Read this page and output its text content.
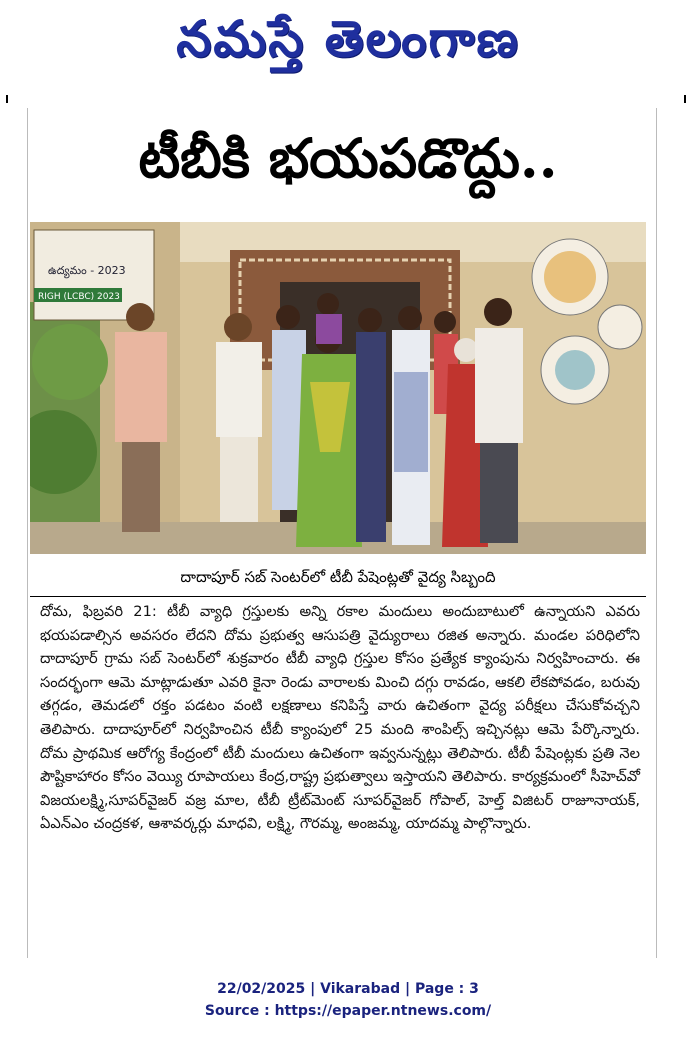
నమస్తే తెలంగాణ
టీబీకి భయపడొద్దు..
ఉద్యమం - 2023
RIGH (LCBC) 2023
దాదాపూర్ సబ్ సెంటర్‌లో టీబీ పేషెంట్లతో వైద్య సిబ్బంది

దోమ, ఫిబ్రవరి 21: టీబీ వ్యాధి గ్రస్తులకు అన్ని రకాల మందులు అందుబాటులో ఉన్నాయని ఎవరు భయపడాల్సిన అవసరం లేదని దోమ ప్రభుత్వ ఆసుపత్రి వైద్యురాలు రజిత అన్నారు. మండల పరిధిలోని దాదాపూర్ గ్రామ సబ్ సెంటర్‌లో శుక్రవారం టీబీ వ్యాధి గ్రస్తుల కోసం ప్రత్యేక క్యాంపును నిర్వహించారు. ఈ సందర్భంగా ఆమె మాట్లాడుతూ ఎవరి కైనా రెండు వారాలకు మించి దగ్గు రావడం, ఆకలి లేకపోవడం, బరువు తగ్గడం, తెమడలో రక్తం పడటం వంటి లక్షణాలు కనిపిస్తే వారు ఉచితంగా వైద్య పరీక్షలు చేసుకోవచ్చని తెలిపారు. దాదాపూర్‌లో నిర్వహించిన టీబీ క్యాంపులో 25 మంది శాంపిల్స్ ఇచ్చినట్లు ఆమె పేర్కొన్నారు. దోమ ప్రాథమిక ఆరోగ్య కేంద్రంలో టీబీ మందులు ఉచితంగా ఇవ్వనున్నట్లు తెలిపారు. టీబీ పేషెంట్లకు ప్రతి నెల పౌష్టికాహారం కోసం వెయ్యి రూపాయలు కేంద్ర,రాష్ట్ర ప్రభుత్వాలు ఇస్తాయని తెలిపారు. కార్యక్రమంలో సీహెచ్‌వో విజయలక్ష్మి,సూపర్‌వైజర్ వజ్ర మాల, టీబీ ట్రీట్‌మెంట్ సూపర్‌వైజర్ గోపాల్, హెల్త్ విజిటర్ రాజూనాయక్, ఏఎన్‌ఎం చంద్రకళ, ఆశావర్కర్లు మాధవి, లక్ష్మి, గౌరమ్మ, అంజమ్మ, యాదమ్మ పాల్గొన్నారు.

22/02/2025 | Vikarabad | Page : 3
Source : https://epaper.ntnews.com/
